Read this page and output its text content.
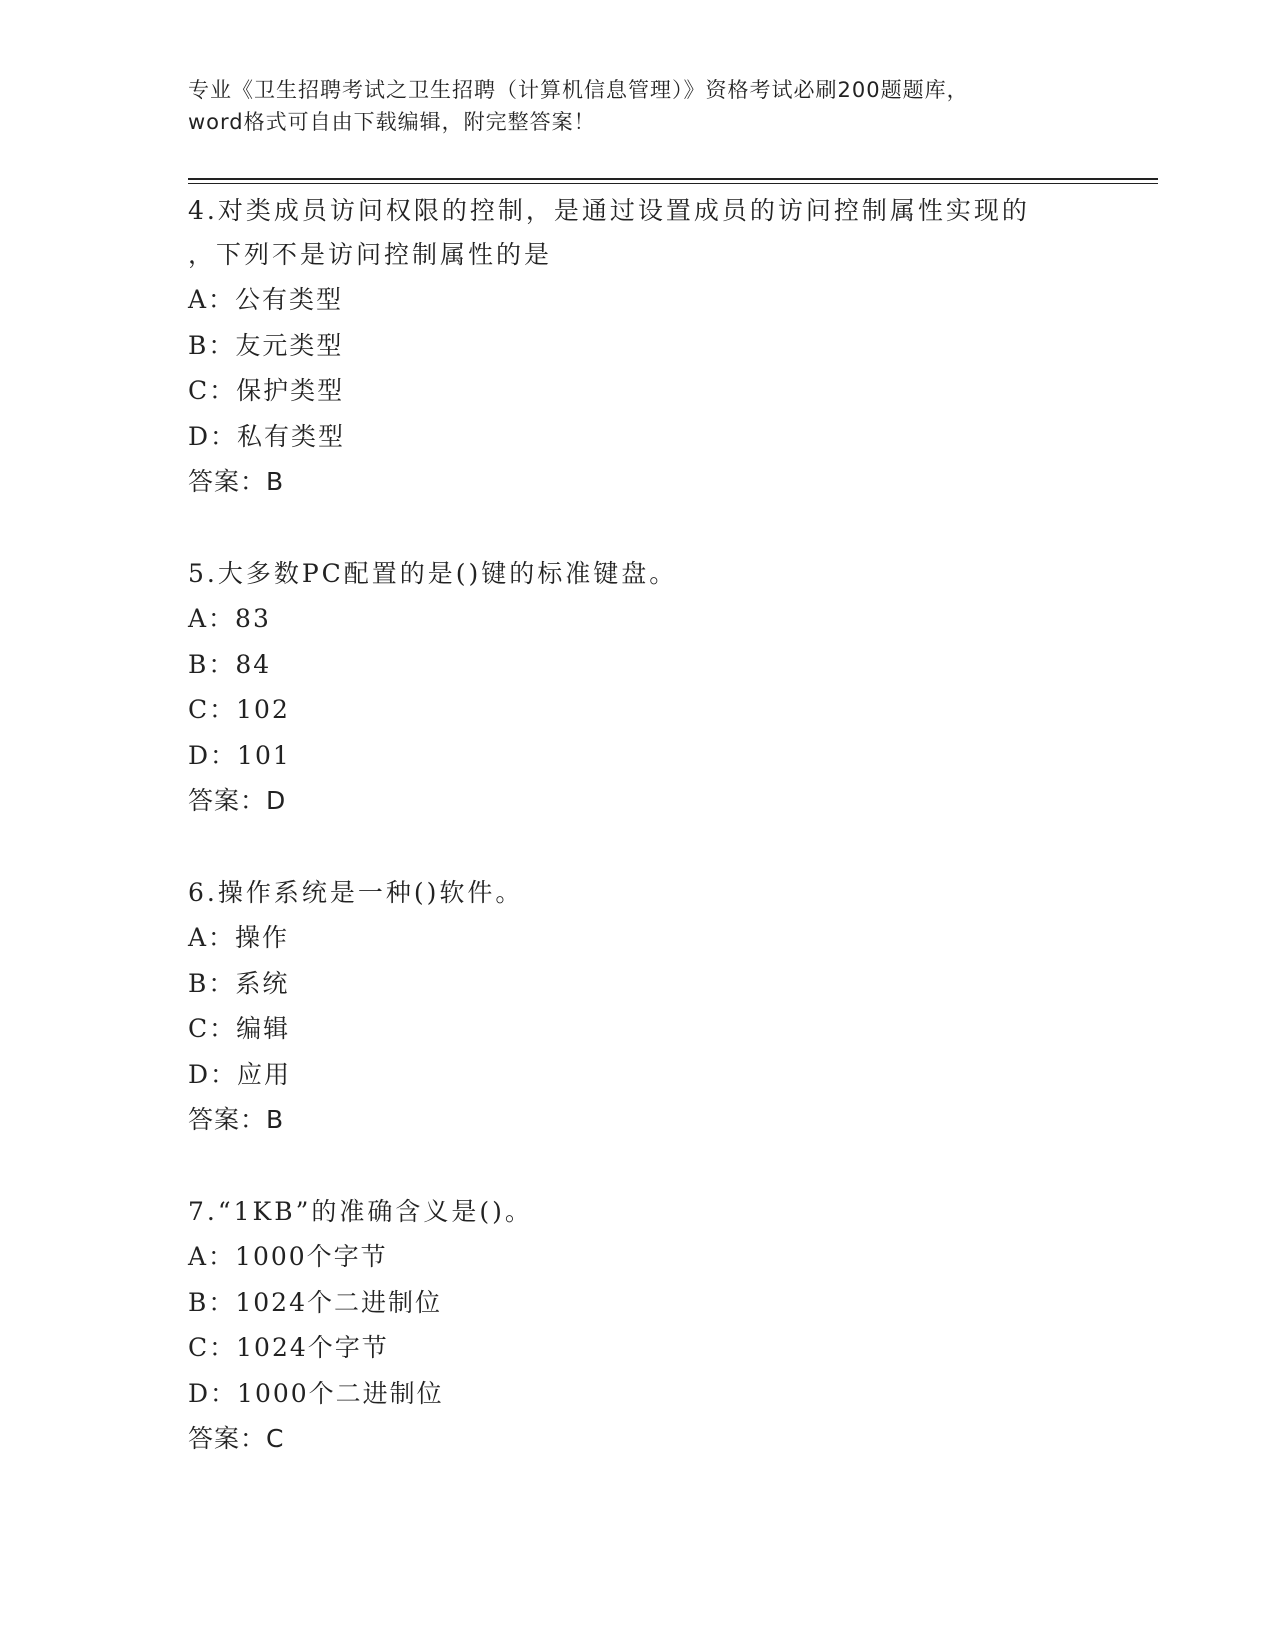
专业《卫生招聘考试之卫生招聘（计算机信息管理）》资格考试必刷200题题库，
word格式可自由下载编辑，附完整答案！
4.对类成员访问权限的控制，是通过设置成员的访问控制属性实现的
，下列不是访问控制属性的是
A：公有类型
B：友元类型
C：保护类型
D：私有类型
答案：B
5.大多数PC配置的是()键的标准键盘。
A：83
B：84
C：102
D：101
答案：D
6.操作系统是一种()软件。
A：操作
B：系统
C：编辑
D：应用
答案：B
7.“1KB”的准确含义是()。
A：1000个字节
B：1024个二进制位
C：1024个字节
D：1000个二进制位
答案：C
